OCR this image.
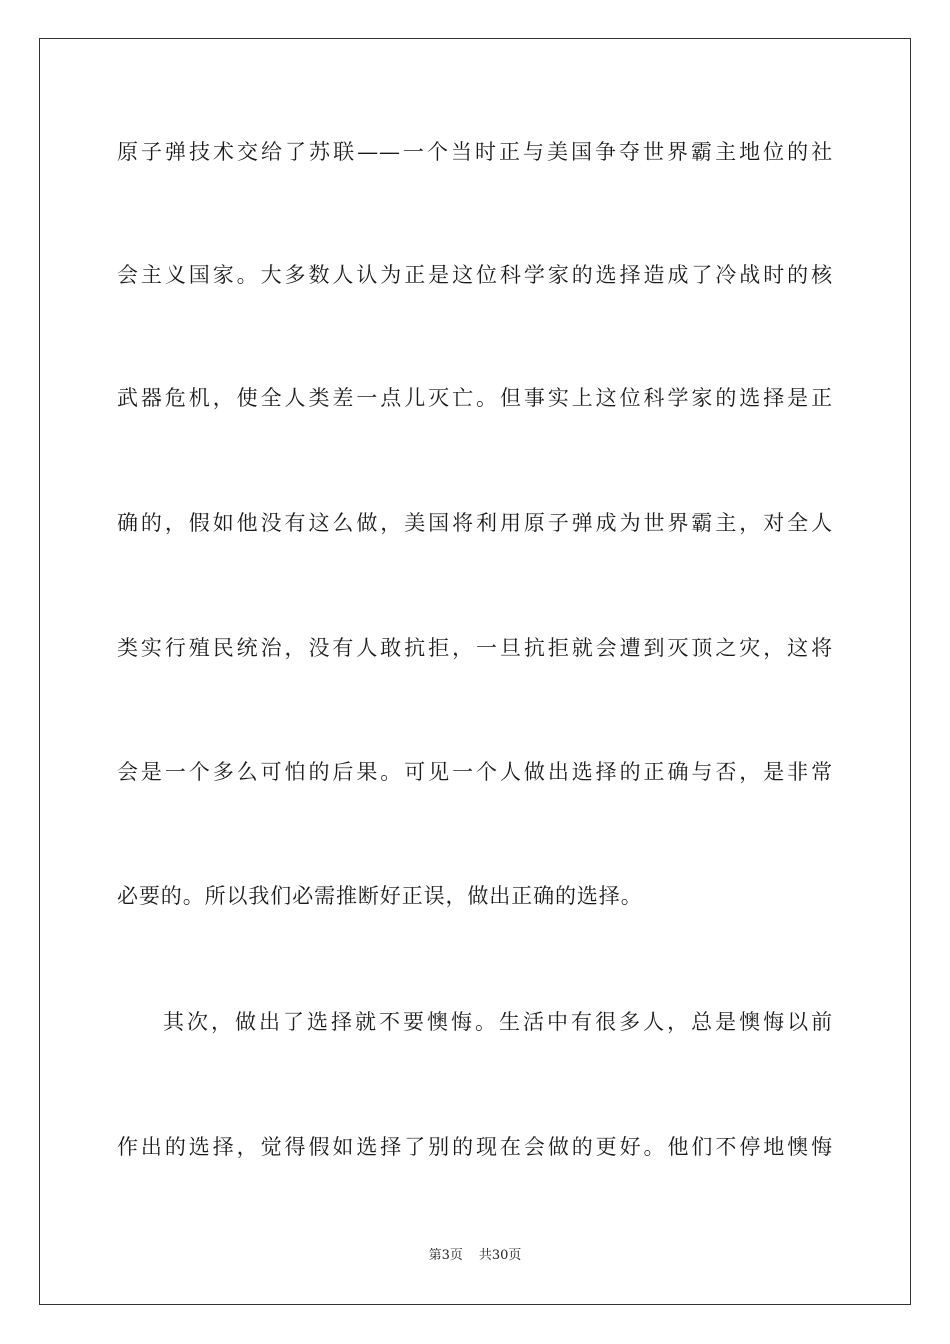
原子弹技术交给了苏联——一个当时正与美国争夺世界霸主地位的社
会主义国家。大多数人认为正是这位科学家的选择造成了冷战时的核
武器危机，使全人类差一点儿灭亡。但事实上这位科学家的选择是正
确的，假如他没有这么做，美国将利用原子弹成为世界霸主，对全人
类实行殖民统治，没有人敢抗拒，一旦抗拒就会遭到灭顶之灾，这将
会是一个多么可怕的后果。可见一个人做出选择的正确与否，是非常
必要的。所以我们必需推断好正误，做出正确的选择。
其次，做出了选择就不要懊悔。生活中有很多人，总是懊悔以前
作出的选择，觉得假如选择了别的现在会做的更好。他们不停地懊悔
第3页 共30页
